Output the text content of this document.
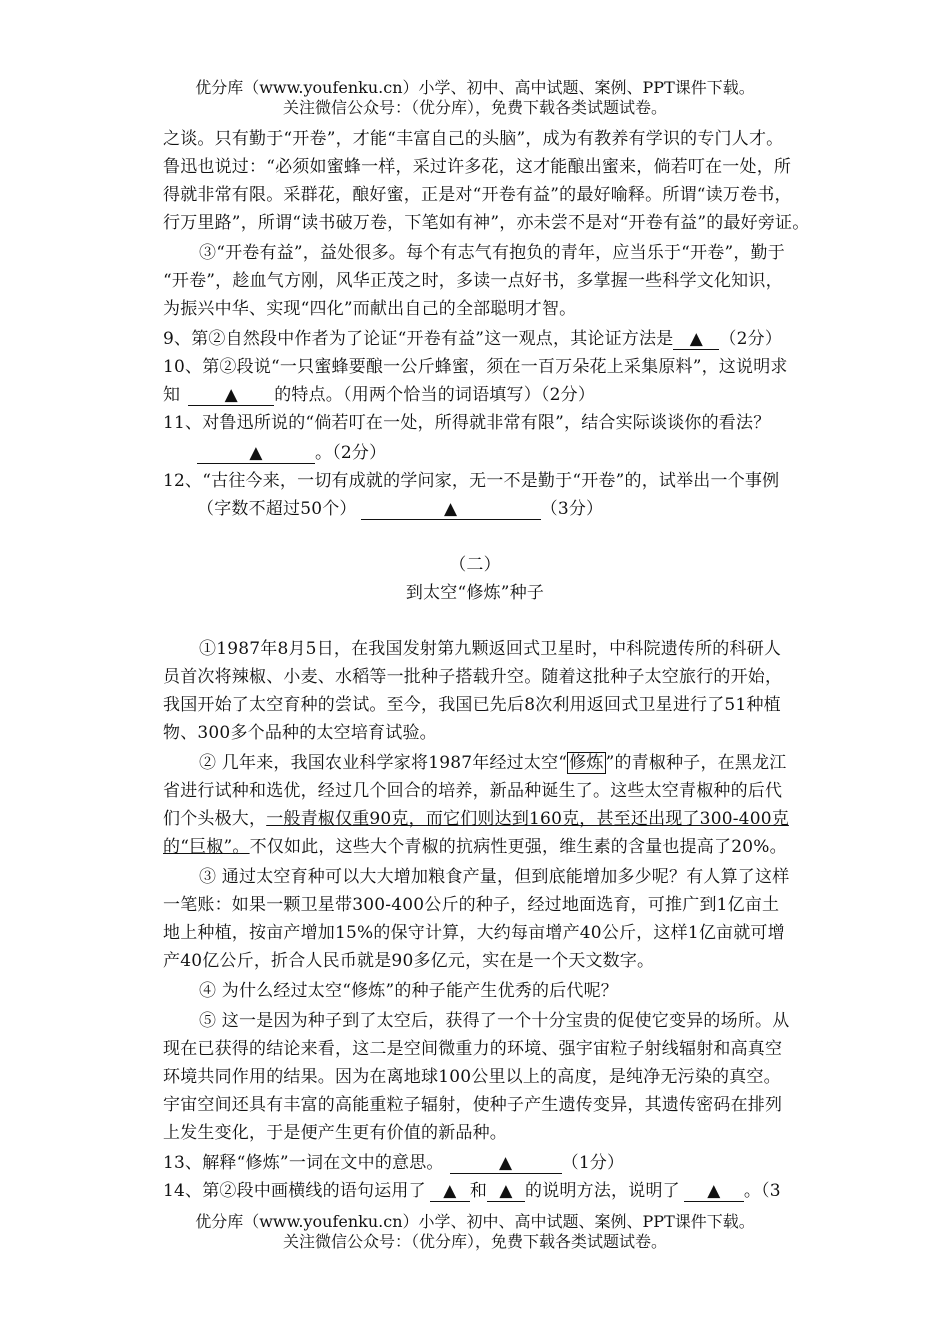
优分库（www.youfenku.cn）小学、初中、高中试题、案例、PPT课件下载。
关注微信公众号：（优分库），免费下载各类试题试卷。
之谈。只有勤于“开卷”，才能“丰富自己的头脑”，成为有教养有学识的专门人才。
鲁迅也说过：“必须如蜜蜂一样，采过许多花，这才能酿出蜜来，倘若叮在一处，所
得就非常有限。采群花，酿好蜜，正是对“开卷有益”的最好喻释。所谓“读万卷书，
行万里路”，所谓“读书破万卷，下笔如有神”，亦未尝不是对“开卷有益”的最好旁证。
③“开卷有益”，益处很多。每个有志气有抱负的青年，应当乐于“开卷”，勤于
“开卷”，趁血气方刚，风华正茂之时，多读一点好书，多掌握一些科学文化知识，
为振兴中华、实现“四化”而献出自己的全部聪明才智。
9、第②自然段中作者为了论证“开卷有益”这一观点，其论证方法是 ▲ （2分）
10、第②段说“一只蜜蜂要酿一公斤蜂蜜，须在一百万朵花上采集原料”，这说明求
知	▲ 的特点。（用两个恰当的词语填写）（2分）
11、对鲁迅所说的“倘若叮在一处，所得就非常有限”，结合实际谈谈你的看法？
▲	。（2分）
12、“古往今来，一切有成就的学问家，无一不是勤于“开卷”的，试举出一个事例
（字数不超过50个）	▲	（3分）
（二）
到太空“修炼”种子
①1987年8月5日，在我国发射第九颗返回式卫星时，中科院遗传所的科研人
员首次将辣椒、小麦、水稻等一批种子搭载升空。随着这批种子太空旅行的开始，
我国开始了太空育种的尝试。至今，我国已先后8次利用返回式卫星进行了51种植
物、300多个品种的太空培育试验。
② 几年来，我国农业科学家将1987年经过太空“ 修炼 ”的青椒种子，在黑龙江
省进行试种和选优，经过几个回合的培养，新品种诞生了。这些太空青椒种的后代
们个头极大，一般青椒仅重90克，而它们则达到160克，甚至还出现了300-400克
的“巨椒”。不仅如此，这些大个青椒的抗病性更强，维生素的含量也提高了20%。
③ 通过太空育种可以大大增加粮食产量，但到底能增加多少呢？有人算了这样
一笔账：如果一颗卫星带300-400公斤的种子，经过地面选育，可推广到1亿亩土
地上种植，按亩产增加15%的保守计算，大约每亩增产40公斤，这样1亿亩就可增
产40亿公斤，折合人民币就是90多亿元，实在是一个天文数字。
④ 为什么经过太空“修炼”的种子能产生优秀的后代呢？
⑤ 这一是因为种子到了太空后，获得了一个十分宝贵的促使它变异的场所。从
现在已获得的结论来看，这二是空间微重力的环境、强宇宙粒子射线辐射和高真空
环境共同作用的结果。因为在离地球100公里以上的高度，是纯净无污染的真空。
宇宙空间还具有丰富的高能重粒子辐射，使种子产生遗传变异，其遗传密码在排列
上发生变化，于是便产生更有价值的新品种。
13、解释“修炼”一词在文中的意思。	▲	（1分）
14、第②段中画横线的语句运用了 ▲ 和 ▲ 的说明方法，说明了 ▲ 。（3
优分库（www.youfenku.cn）小学、初中、高中试题、案例、PPT课件下载。
关注微信公众号：（优分库），免费下载各类试题试卷。
